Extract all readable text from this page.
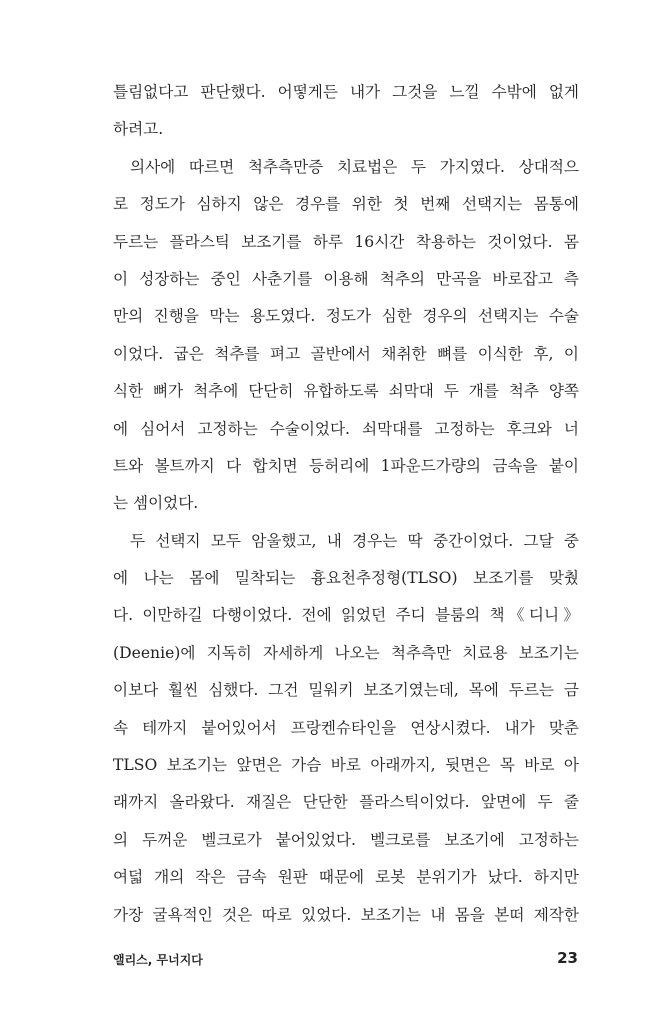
틀림없다고 판단했다. 어떻게든 내가 그것을 느낄 수밖에 없게
하려고.
의사에 따르면 척추측만증 치료법은 두 가지였다. 상대적으
로 정도가 심하지 않은 경우를 위한 첫 번째 선택지는 몸통에
두르는 플라스틱 보조기를 하루 16시간 착용하는 것이었다. 몸
이 성장하는 중인 사춘기를 이용해 척추의 만곡을 바로잡고 측
만의 진행을 막는 용도였다. 정도가 심한 경우의 선택지는 수술
이었다. 굽은 척추를 펴고 골반에서 채취한 뼈를 이식한 후, 이
식한 뼈가 척추에 단단히 유합하도록 쇠막대 두 개를 척추 양쪽
에 심어서 고정하는 수술이었다. 쇠막대를 고정하는 후크와 너
트와 볼트까지 다 합치면 등허리에 1파운드가량의 금속을 붙이
는 셈이었다.
두 선택지 모두 암울했고, 내 경우는 딱 중간이었다. 그달 중
에 나는 몸에 밀착되는 흉요천추정형(TLSO) 보조기를 맞췄
다. 이만하길 다행이었다. 전에 읽었던 주디 블룸의 책《디니》
(Deenie)에 지독히 자세하게 나오는 척추측만 치료용 보조기는
이보다 훨씬 심했다. 그건 밀워키 보조기였는데, 목에 두르는 금
속 테까지 붙어있어서 프랑켄슈타인을 연상시켰다. 내가 맞춘
TLSO 보조기는 앞면은 가슴 바로 아래까지, 뒷면은 목 바로 아
래까지 올라왔다. 재질은 단단한 플라스틱이었다. 앞면에 두 줄
의 두꺼운 벨크로가 붙어있었다. 벨크로를 보조기에 고정하는
여덟 개의 작은 금속 원판 때문에 로봇 분위기가 났다. 하지만
가장 굴욕적인 것은 따로 있었다. 보조기는 내 몸을 본떠 제작한
앨리스, 무너지다	23
